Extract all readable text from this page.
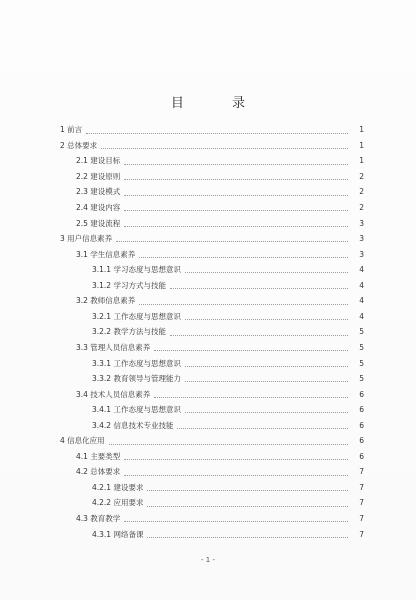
目 录
1 前言	1
2 总体要求	1
2.1 建设目标	1
2.2 建设原则	2
2.3 建设模式	2
2.4 建设内容	2
2.5 建设流程	3
3 用户信息素养	3
3.1 学生信息素养	3
3.1.1 学习态度与思想意识	4
3.1.2 学习方式与技能	4
3.2 教师信息素养	4
3.2.1 工作态度与思想意识	4
3.2.2 教学方法与技能	5
3.3 管理人员信息素养	5
3.3.1 工作态度与思想意识	5
3.3.2 教育领导与管理能力	5
3.4 技术人员信息素养	6
3.4.1 工作态度与思想意识	6
3.4.2 信息技术专业技能	6
4 信息化应用	6
4.1 主要类型	6
4.2 总体要求	7
4.2.1 建设要求	7
4.2.2 应用要求	7
4.3 教育教学	7
4.3.1 网络备课	7
- 1 -
